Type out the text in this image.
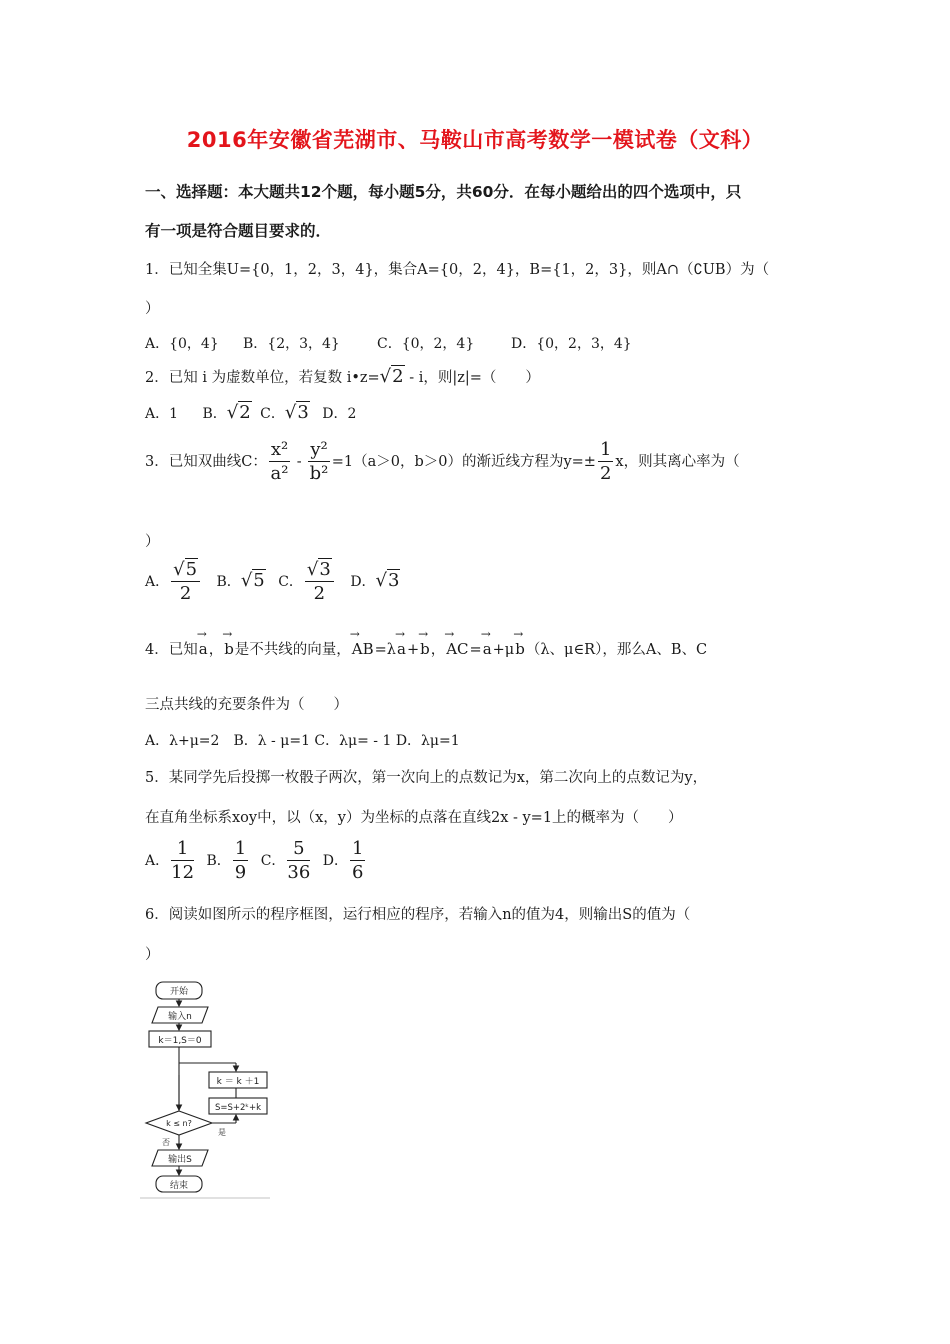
2016年安徽省芜湖市、马鞍山市高考数学一模试卷（文科）
一、选择题：本大题共12个题，每小题5分，共60分．在每小题给出的四个选项中，只
有一项是符合题目要求的．
1．已知全集U={0，1，2，3，4}，集合A={0，2，4}，B={1，2，3}，则A∩（∁UB）为（
）
A．{0，4} B．{2，3，4}	C．{0，2，4}	D．{0，2，3，4}
2．已知 i 为虚数单位，若复数 i•z=√2 - i，则|z|=（　　）
A．1 B．√2 C．√3 D．2
3．已知双曲线C： $\frac{\text{x²}}{\text{a²}} - \frac{\text{y²}}{\text{b²}} =1(a>0$，b＞0）的渐近线方程为$y=\pm \frac{1}{2}$ x，则其离心率为（
）
A． $\frac{√5}{2}$ B．√5 C． $\frac{√3}{2}$ D．√3
4．已知→ a，→ b是不共线的向量，→ AB=λ→ a+→ b，→ AC=→ a+μ→ b（λ、μ∈R），那么A、B、C
三点共线的充要条件为（　　）
A．λ+μ=2　B．λ - μ=1 C．λμ= - 1 D．λμ=1
5．某同学先后投掷一枚骰子两次，第一次向上的点数记为x，第二次向上的点数记为y，
在直角坐标系xoy中，以（x，y）为坐标的点落在直线2x - y=1上的概率为（　　）
A． $\frac{1}{12}$ B． $\frac{1}{9}$ C． $\frac{5}{36}$ D． $\frac{1}{6}$
6．阅读如图所示的程序框图，运行相应的程序，若输入n的值为4，则输出S的值为（
）
开始
输入n
k＝1,S＝0
k ＝ k ＋1
S=S+2ᵏ+k
k ≤ n?
否
是
输出S
结束
